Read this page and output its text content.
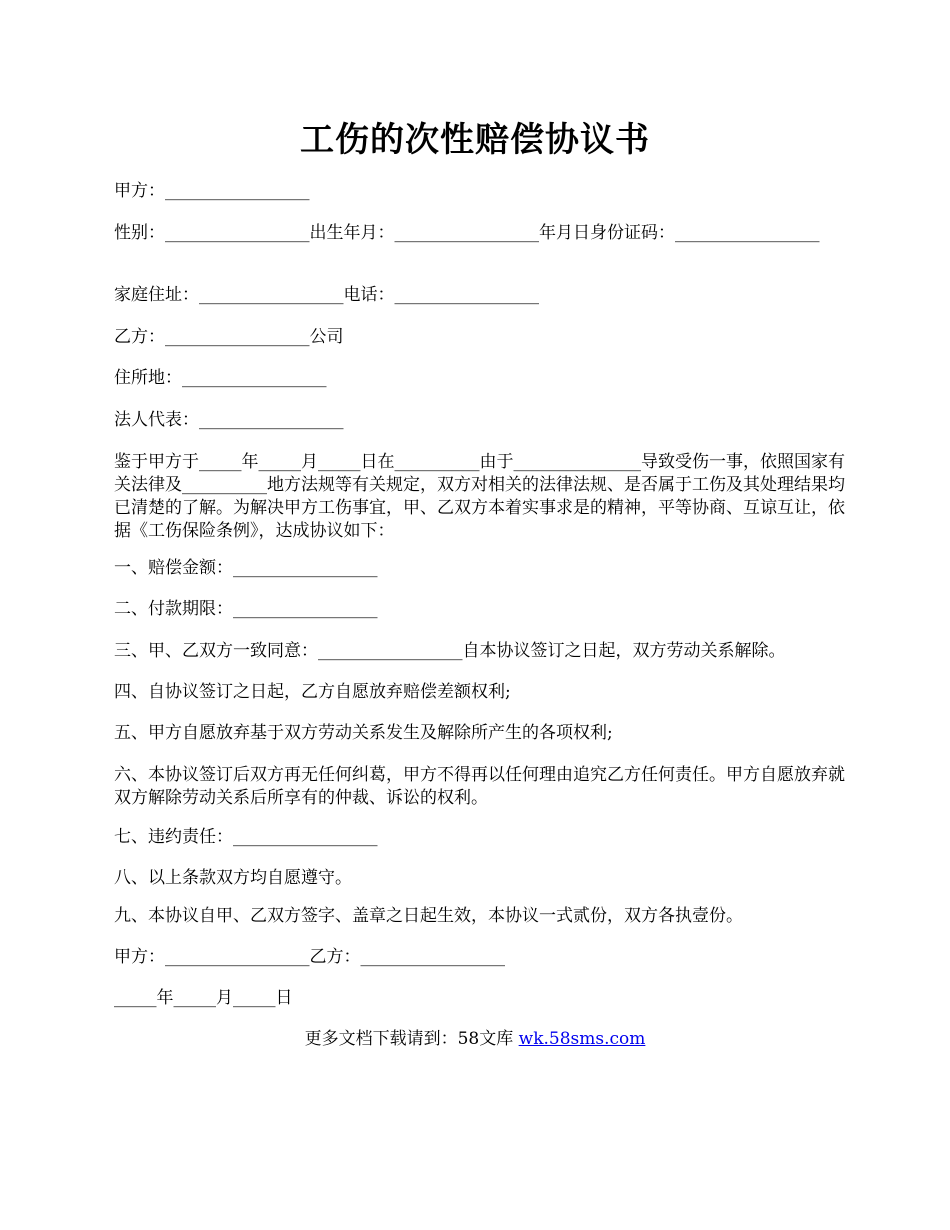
工伤的次性赔偿协议书
甲方：_________________
性别：_________________出生年月：_________________年月日身份证码：_________________
家庭住址：_________________电话：_________________
乙方：_________________公司
住所地：_________________
法人代表：_________________
鉴于甲方于_____年_____月_____日在__________由于_______________导致受伤一事，依照国家有关法律及__________地方法规等有关规定，双方对相关的法律法规、是否属于工伤及其处理结果均已清楚的了解。为解决甲方工伤事宜，甲、乙双方本着实事求是的精神，平等协商、互谅互让，依据《工伤保险条例》，达成协议如下：
一、赔偿金额：_________________
二、付款期限：_________________
三、甲、乙双方一致同意：_________________自本协议签订之日起，双方劳动关系解除。
四、自协议签订之日起，乙方自愿放弃赔偿差额权利;
五、甲方自愿放弃基于双方劳动关系发生及解除所产生的各项权利;
六、本协议签订后双方再无任何纠葛，甲方不得再以任何理由追究乙方任何责任。甲方自愿放弃就双方解除劳动关系后所享有的仲裁、诉讼的权利。
七、违约责任：_________________
八、以上条款双方均自愿遵守。
九、本协议自甲、乙双方签字、盖章之日起生效，本协议一式贰份，双方各执壹份。
甲方：_________________乙方：_________________
_____年_____月_____日
更多文档下载请到：58文库 wk.58sms.com
